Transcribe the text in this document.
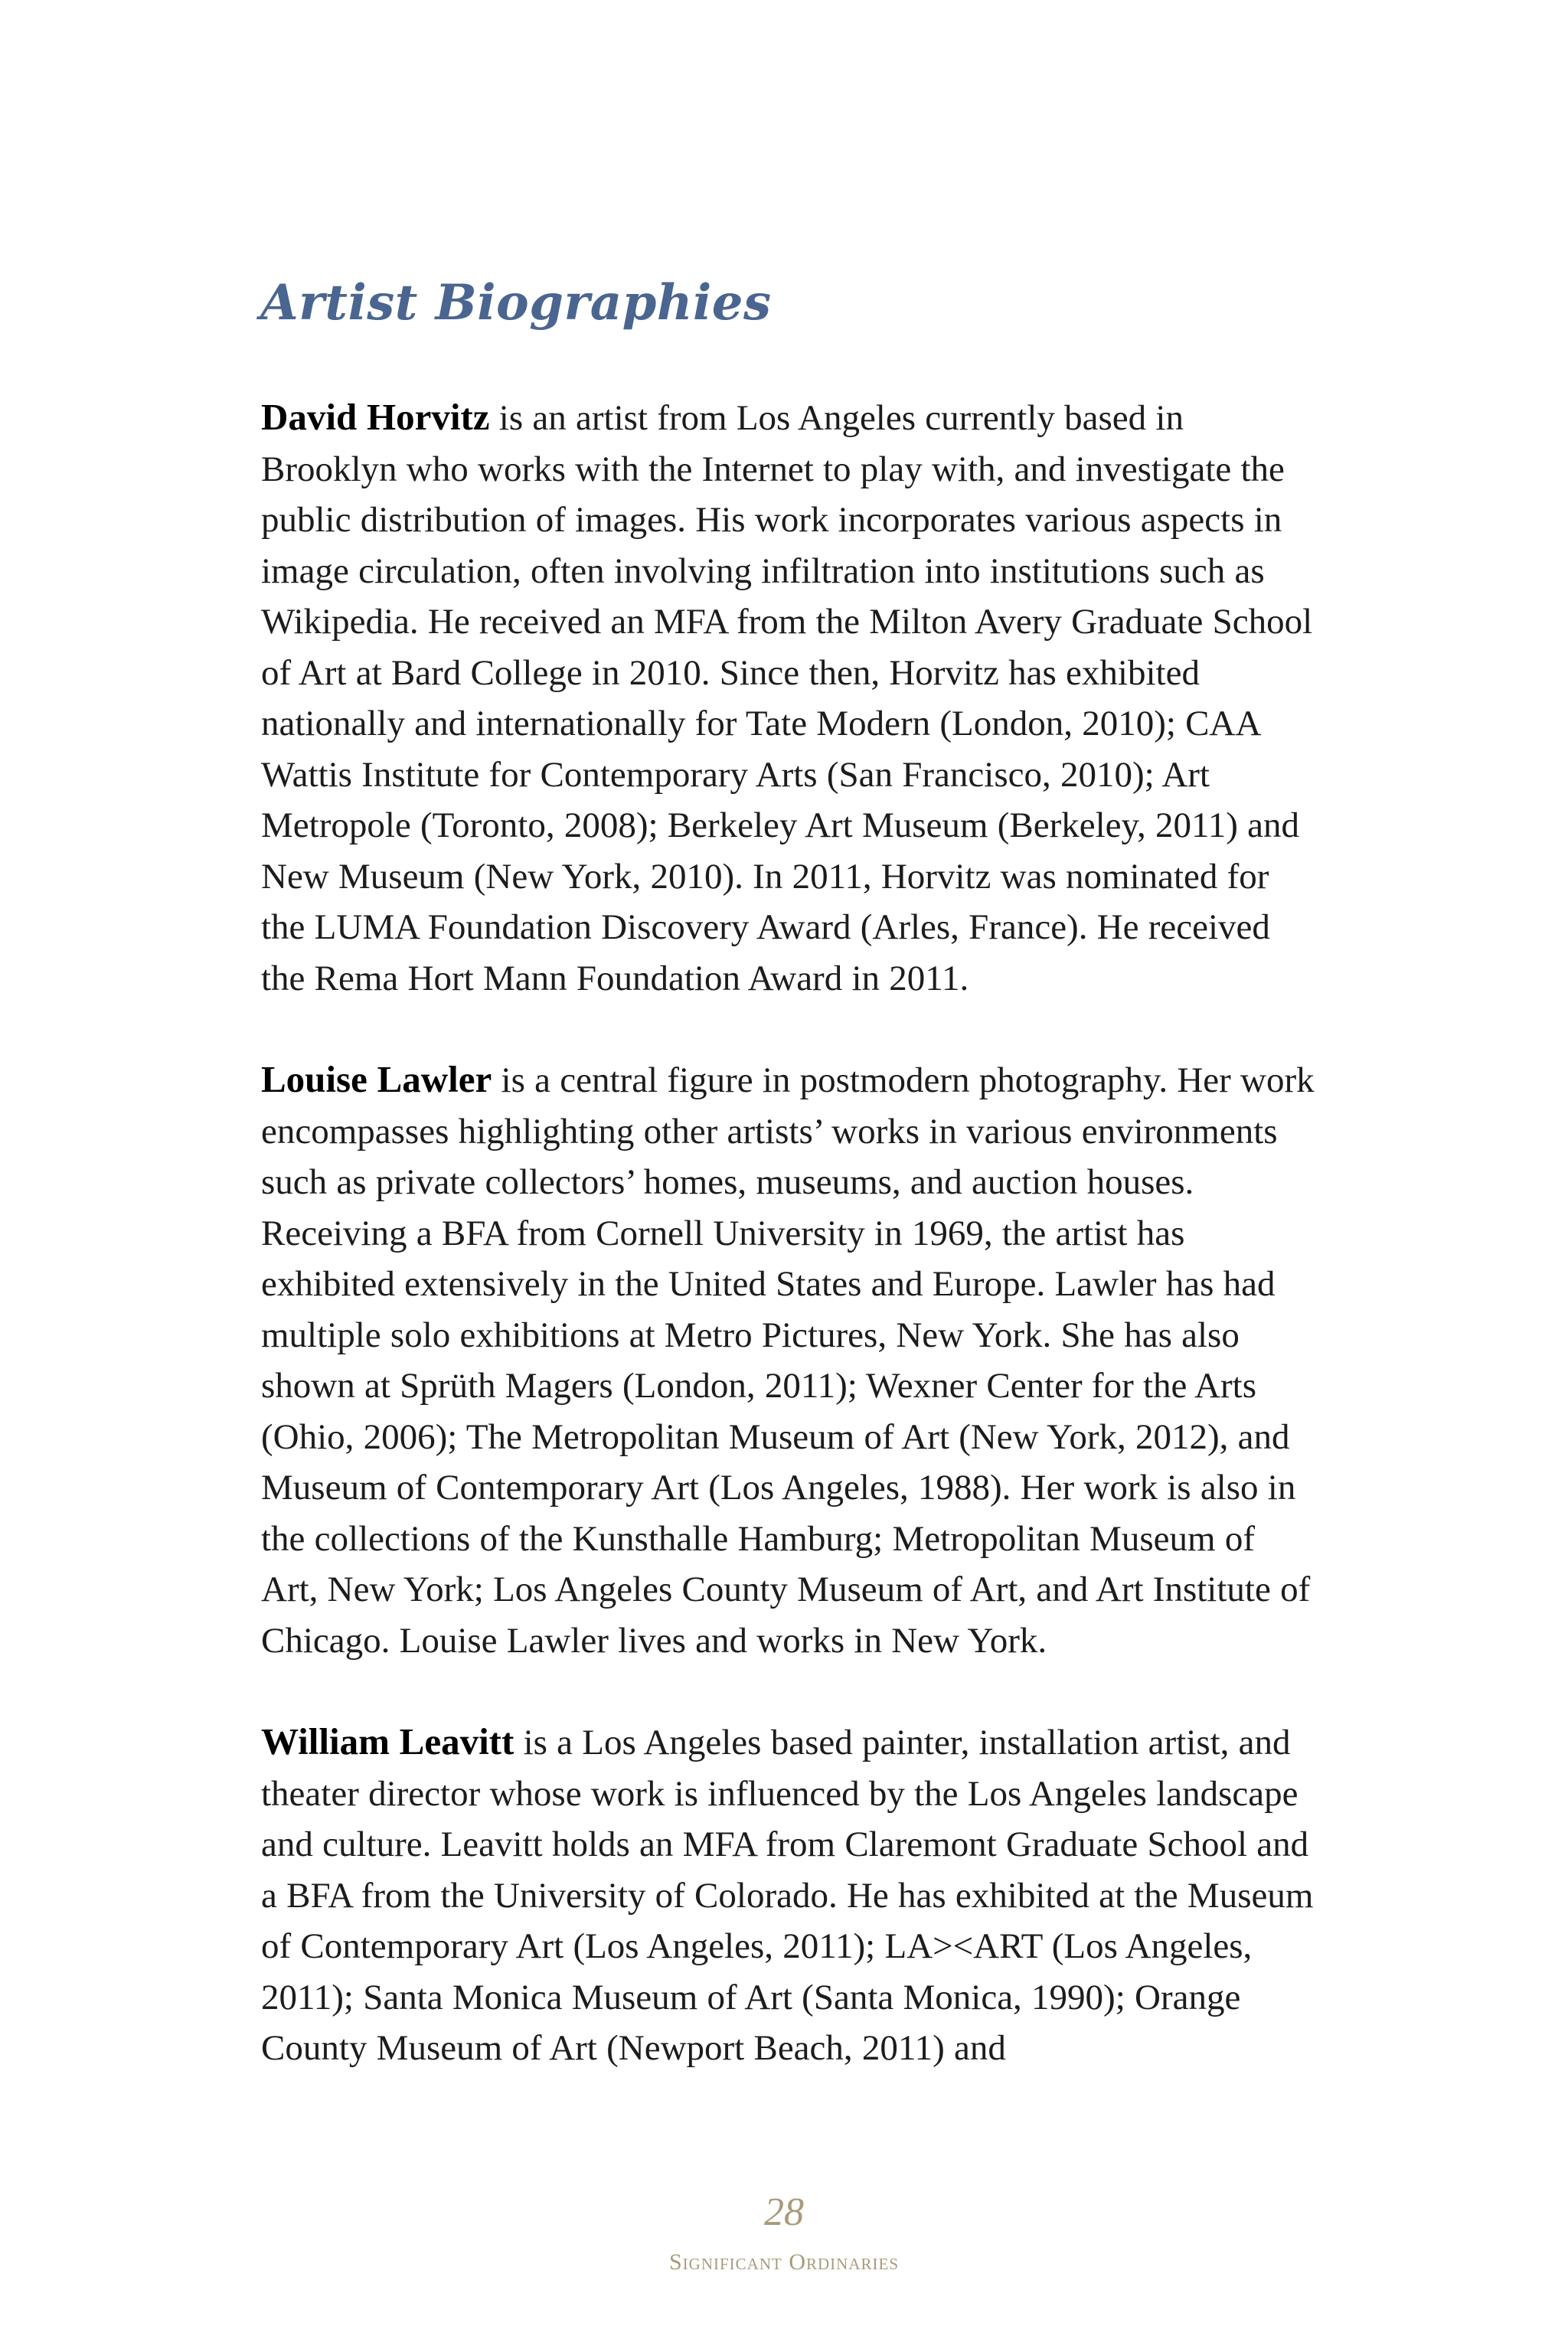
Artist Biographies

David Horvitz is an artist from Los Angeles currently based in Brooklyn who works with the Internet to play with, and investigate the public distribution of images. His work incorporates various aspects in image circulation, often involving infiltration into institutions such as Wikipedia. He received an MFA from the Milton Avery Graduate School of Art at Bard College in 2010. Since then, Horvitz has exhibited nationally and internationally for Tate Modern (London, 2010); CAA Wattis Institute for Contemporary Arts (San Francisco, 2010); Art Metropole (Toronto, 2008); Berkeley Art Museum (Berkeley, 2011) and New Museum (New York, 2010). In 2011, Horvitz was nominated for the LUMA Foundation Discovery Award (Arles, France). He received the Rema Hort Mann Foundation Award in 2011.

Louise Lawler is a central figure in postmodern photography. Her work encompasses highlighting other artists’ works in various environments such as private collectors’ homes, museums, and auction houses. Receiving a BFA from Cornell University in 1969, the artist has exhibited extensively in the United States and Europe. Lawler has had multiple solo exhibitions at Metro Pictures, New York. She has also shown at Sprüth Magers (London, 2011); Wexner Center for the Arts (Ohio, 2006); The Metropolitan Museum of Art (New York, 2012), and Museum of Contemporary Art (Los Angeles, 1988). Her work is also in the collections of the Kunsthalle Hamburg; Metropolitan Museum of Art, New York; Los Angeles County Museum of Art, and Art Institute of Chicago. Louise Lawler lives and works in New York.

William Leavitt is a Los Angeles based painter, installation artist, and theater director whose work is influenced by the Los Angeles landscape and culture. Leavitt holds an MFA from Claremont Graduate School and a BFA from the University of Colorado. He has exhibited at the Museum of Contemporary Art (Los Angeles, 2011); LA><ART (Los Angeles, 2011); Santa Monica Museum of Art (Santa Monica, 1990); Orange County Museum of Art (Newport Beach, 2011) and

28
Significant Ordinaries
